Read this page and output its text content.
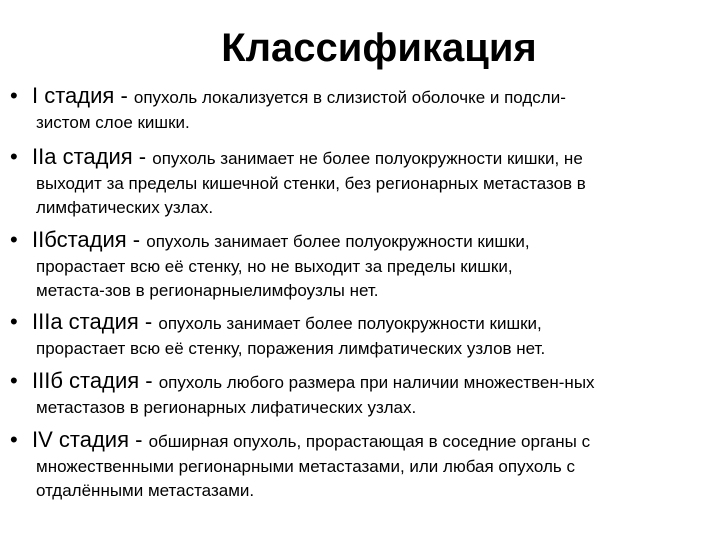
Классификация
• I стадия - опухоль локализуется в слизистой оболочке и подсли-
зистом слое кишки.
• IIa стадия - опухоль занимает не более полуокружности кишки, не
выходит за пределы кишечной стенки, без регионарных метастазов в
лимфатических узлах.
• IIбстадия - опухоль занимает более полуокружности кишки,
прорастает всю её стенку, но не выходит за пределы кишки,
метаста-зов в регионарныелимфоузлы нет.
• IIIa стадия - опухоль занимает более полуокружности кишки,
прорастает всю её стенку, поражения лимфатических узлов нет.
• IIIб стадия - опухоль любого размера при наличии множествен-ных
метастазов в регионарных лифатических узлах.
• IV стадия - обширная опухоль, прорастающая в соседние органы с
множественными регионарными метастазами, или любая опухоль с
отдалёнными метастазами.
